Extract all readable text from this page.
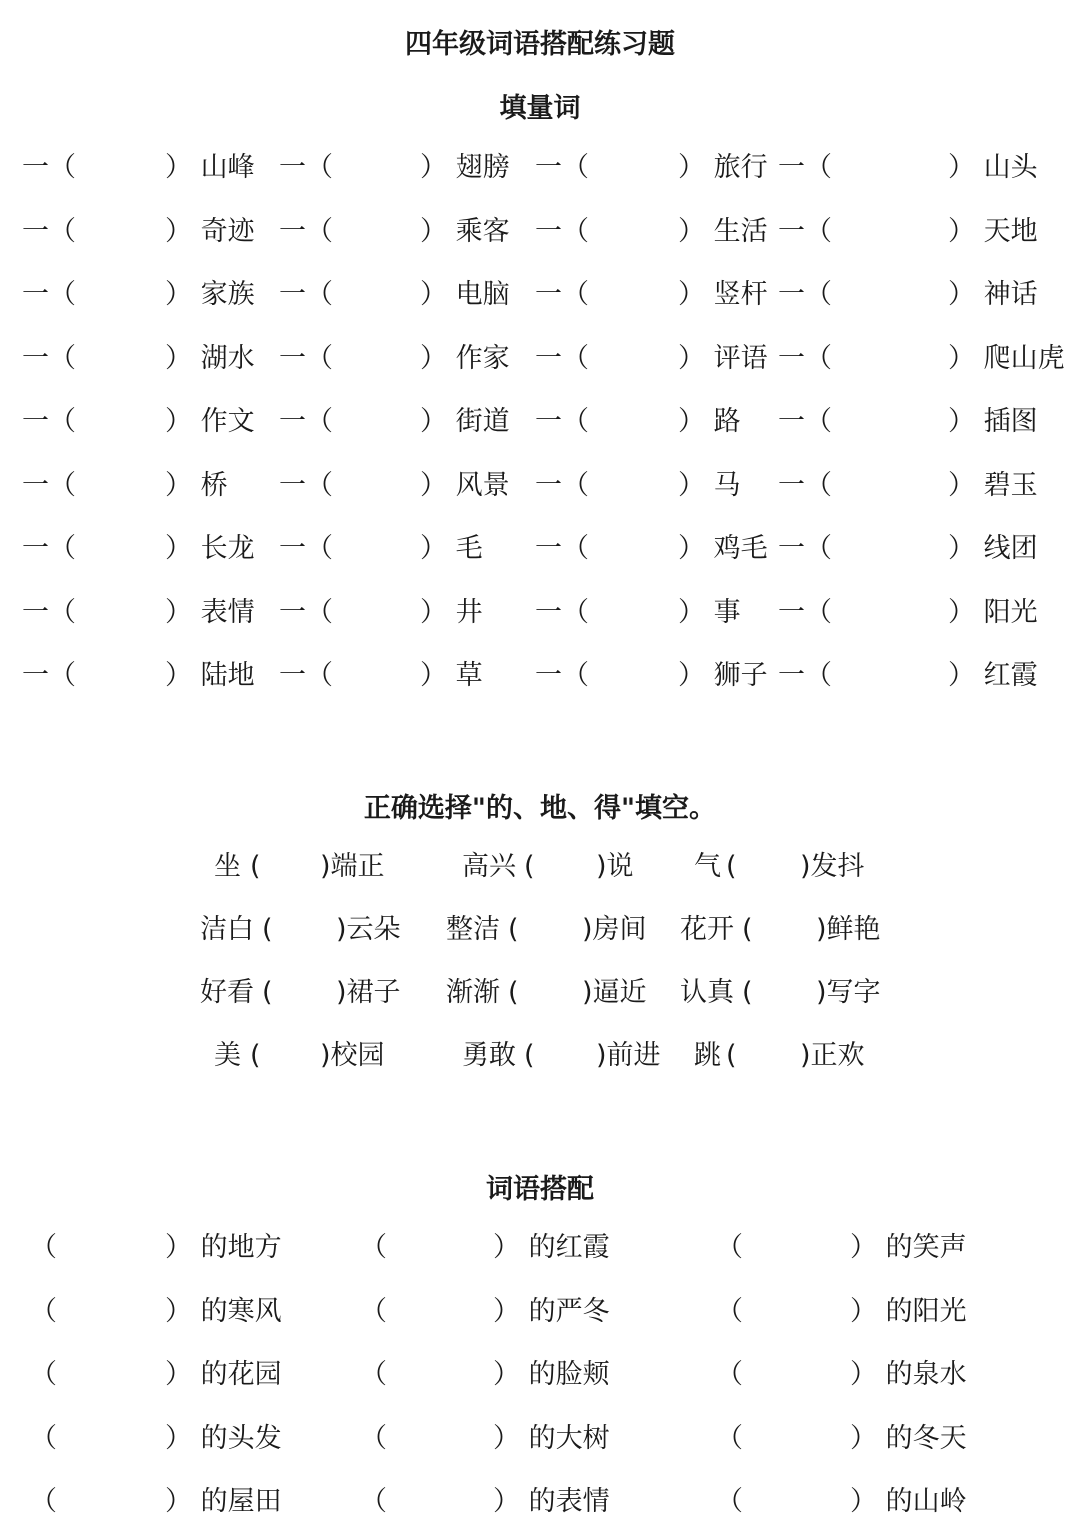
四年级词语搭配练习题
填量词
一（	） 山峰 一（	） 翅膀 一（	） 旅行 一（	） 山头
一（	） 奇迹 一（	） 乘客 一（	） 生活 一（	） 天地
一（	） 家族 一（	） 电脑 一（	） 竖杆 一（	） 神话
一（	） 湖水 一（	） 作家 一（	） 评语 一（	） 爬山虎
一（	） 作文 一（	） 街道 一（	） 路 一（	） 插图
一（	） 桥 一（	） 风景 一（	） 马 一（	） 碧玉
一（	） 长龙 一（	） 毛 一（	） 鸡毛 一（	） 线团
一（	） 表情 一（	） 井 一（	） 事 一（	） 阳光
一（	） 陆地 一（	） 草 一（	） 狮子 一（	） 红霞
正确选择"的、地、得"填空。
坐 ( )端正	高兴 ( )说 气 ( )发抖
洁白 ( )云朵 整洁 ( )房间 花开 ( )鲜艳
好看 ( )裙子 渐渐 ( )逼近 认真 ( )写字
美 ( )校园	勇敢 ( )前进 跳 ( )正欢
词语搭配
（	） 的地方	（	） 的红霞	（	） 的笑声
（	） 的寒风	（	） 的严冬	（	） 的阳光
（	） 的花园	（	） 的脸颊	（	） 的泉水
（	） 的头发	（	） 的大树	（	） 的冬天
（	） 的屋田	（	） 的表情	（	） 的山岭
